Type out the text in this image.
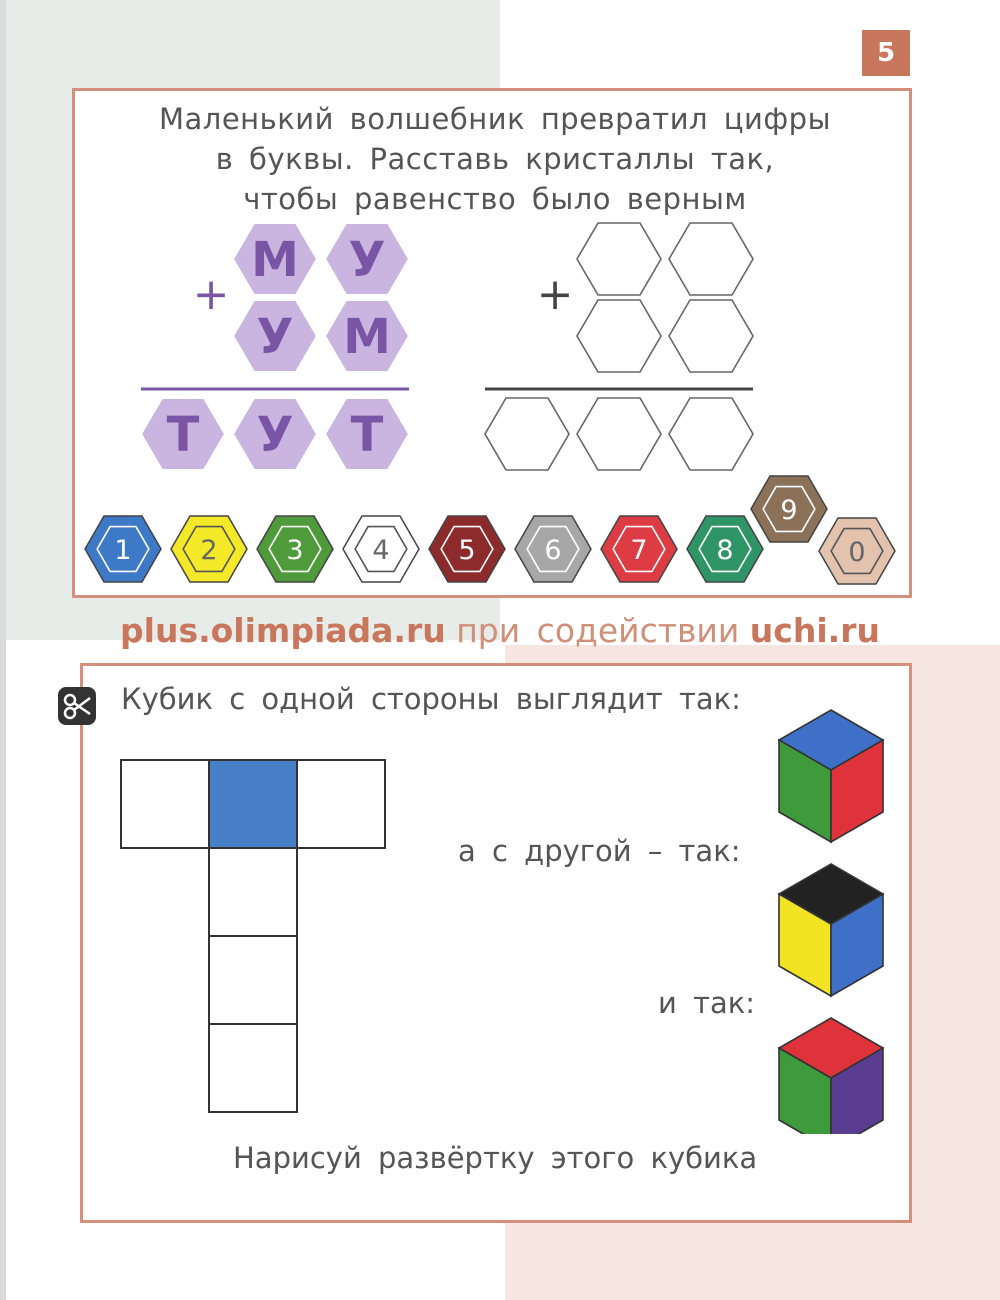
5

Маленький волшебник превратил цифры

в буквы. Расставь кристаллы так,

чтобы равенство было верным

М У
У М
Т У Т
+	+
1	2	3	4	5	6	7	8
9
0
plus.olimpiada.ru при содействии uchi.ru
Кубик с одной стороны выглядит так:
а с другой – так:
и так:
Нарисуй развёртку этого кубика
